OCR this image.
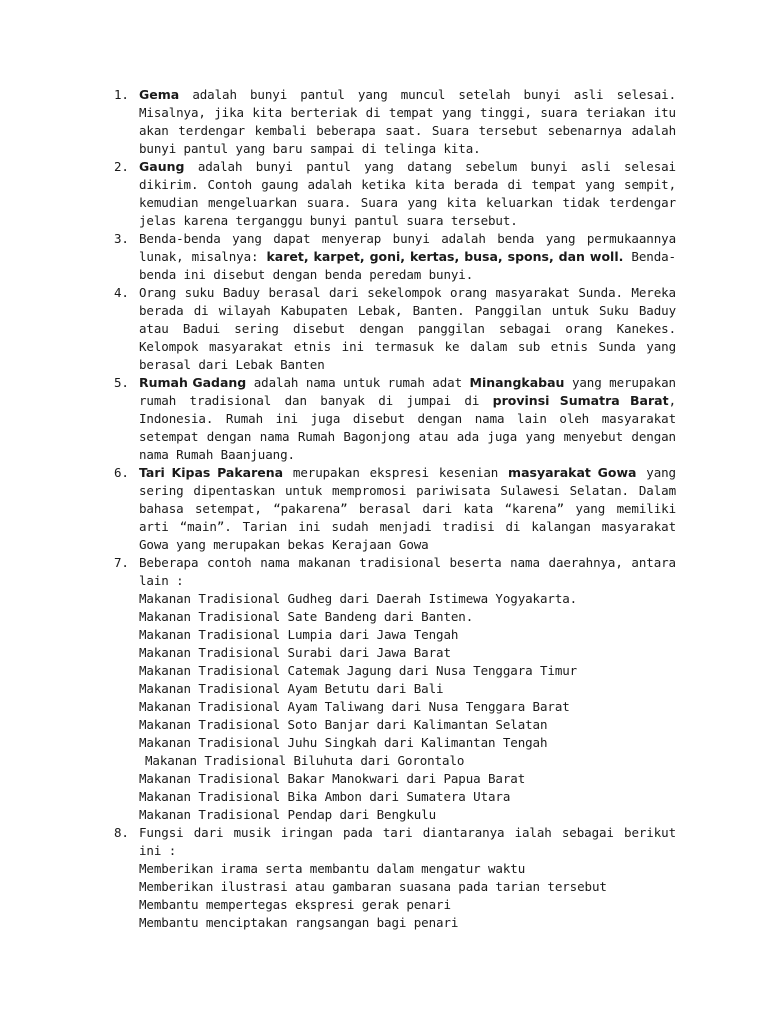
1. Gema adalah bunyi pantul yang muncul setelah bunyi asli selesai. Misalnya, jika kita berteriak di tempat yang tinggi, suara teriakan itu akan terdengar kembali beberapa saat. Suara tersebut sebenarnya adalah bunyi pantul yang baru sampai di telinga kita.
2. Gaung adalah bunyi pantul yang datang sebelum bunyi asli selesai dikirim. Contoh gaung adalah ketika kita berada di tempat yang sempit, kemudian mengeluarkan suara. Suara yang kita keluarkan tidak terdengar jelas karena terganggu bunyi pantul suara tersebut.
3. Benda-benda yang dapat menyerap bunyi adalah benda yang permukaannya lunak, misalnya: karet, karpet, goni, kertas, busa, spons, dan woll. Benda-benda ini disebut dengan benda peredam bunyi.
4. Orang suku Baduy berasal dari sekelompok orang masyarakat Sunda. Mereka berada di wilayah Kabupaten Lebak, Banten. Panggilan untuk Suku Baduy atau Badui sering disebut dengan panggilan sebagai orang Kanekes. Kelompok masyarakat etnis ini termasuk ke dalam sub etnis Sunda yang berasal dari Lebak Banten
5. Rumah Gadang adalah nama untuk rumah adat Minangkabau yang merupakan rumah tradisional dan banyak di jumpai di provinsi Sumatra Barat, Indonesia. Rumah ini juga disebut dengan nama lain oleh masyarakat setempat dengan nama Rumah Bagonjong atau ada juga yang menyebut dengan nama Rumah Baanjuang.
6. Tari Kipas Pakarena merupakan ekspresi kesenian masyarakat Gowa yang sering dipentaskan untuk mempromosi pariwisata Sulawesi Selatan. Dalam bahasa setempat, “pakarena” berasal dari kata “karena” yang memiliki arti “main”. Tarian ini sudah menjadi tradisi di kalangan masyarakat Gowa yang merupakan bekas Kerajaan Gowa
7. Beberapa contoh nama makanan tradisional beserta nama daerahnya, antara lain :
Makanan Tradisional Gudheg dari Daerah Istimewa Yogyakarta.
Makanan Tradisional Sate Bandeng dari Banten.
Makanan Tradisional Lumpia dari Jawa Tengah
Makanan Tradisional Surabi dari Jawa Barat
Makanan Tradisional Catemak Jagung dari Nusa Tenggara Timur
Makanan Tradisional Ayam Betutu dari Bali
Makanan Tradisional Ayam Taliwang dari Nusa Tenggara Barat
Makanan Tradisional Soto Banjar dari Kalimantan Selatan
Makanan Tradisional Juhu Singkah dari Kalimantan Tengah
Makanan Tradisional Biluhuta dari Gorontalo
Makanan Tradisional Bakar Manokwari dari Papua Barat
Makanan Tradisional Bika Ambon dari Sumatera Utara
Makanan Tradisional Pendap dari Bengkulu
8. Fungsi dari musik iringan pada tari diantaranya ialah sebagai berikut ini :
Memberikan irama serta membantu dalam mengatur waktu
Memberikan ilustrasi atau gambaran suasana pada tarian tersebut
Membantu mempertegas ekspresi gerak penari
Membantu menciptakan rangsangan bagi penari
